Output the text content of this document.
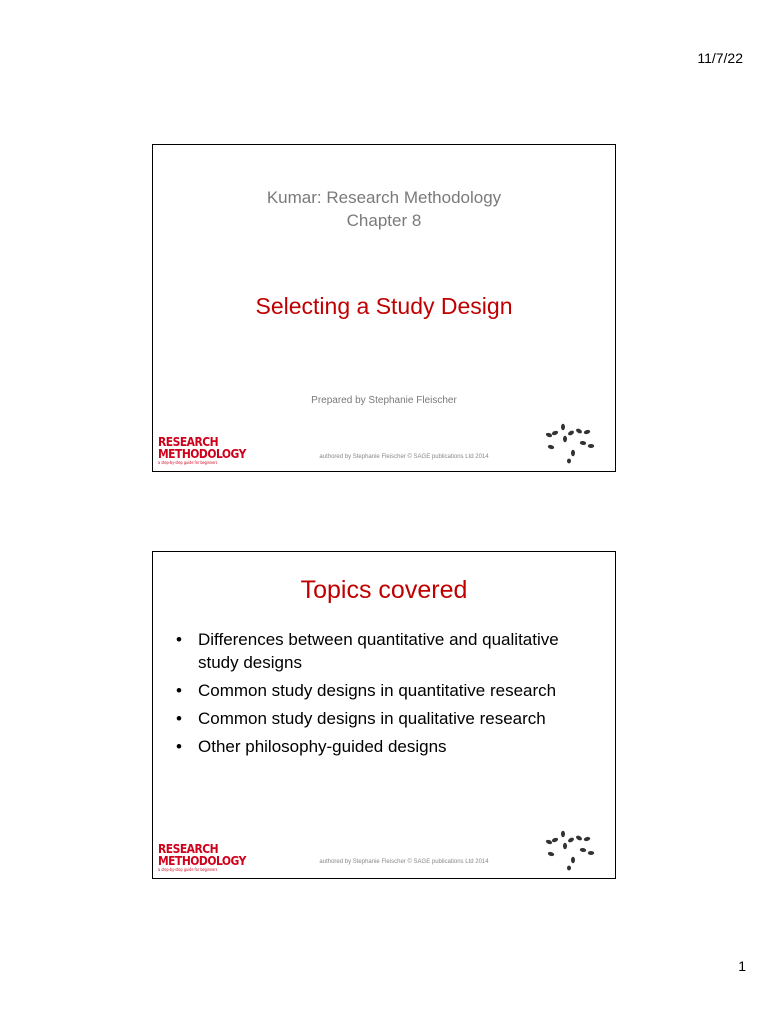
11/7/22
Kumar: Research Methodology
Chapter 8
Selecting a Study Design
Prepared by Stephanie Fleischer
RESEARCH
METHODOLOGY
a step-by-step guide for beginners
authored by Stephanie Fleischer © SAGE publications Ltd 2014
Topics covered
• Differences between quantitative and qualitative study designs
• Common study designs in quantitative research
• Common study designs in qualitative research
• Other philosophy-guided designs
RESEARCH
METHODOLOGY
a step-by-step guide for beginners
authored by Stephanie Fleischer © SAGE publications Ltd 2014
1
